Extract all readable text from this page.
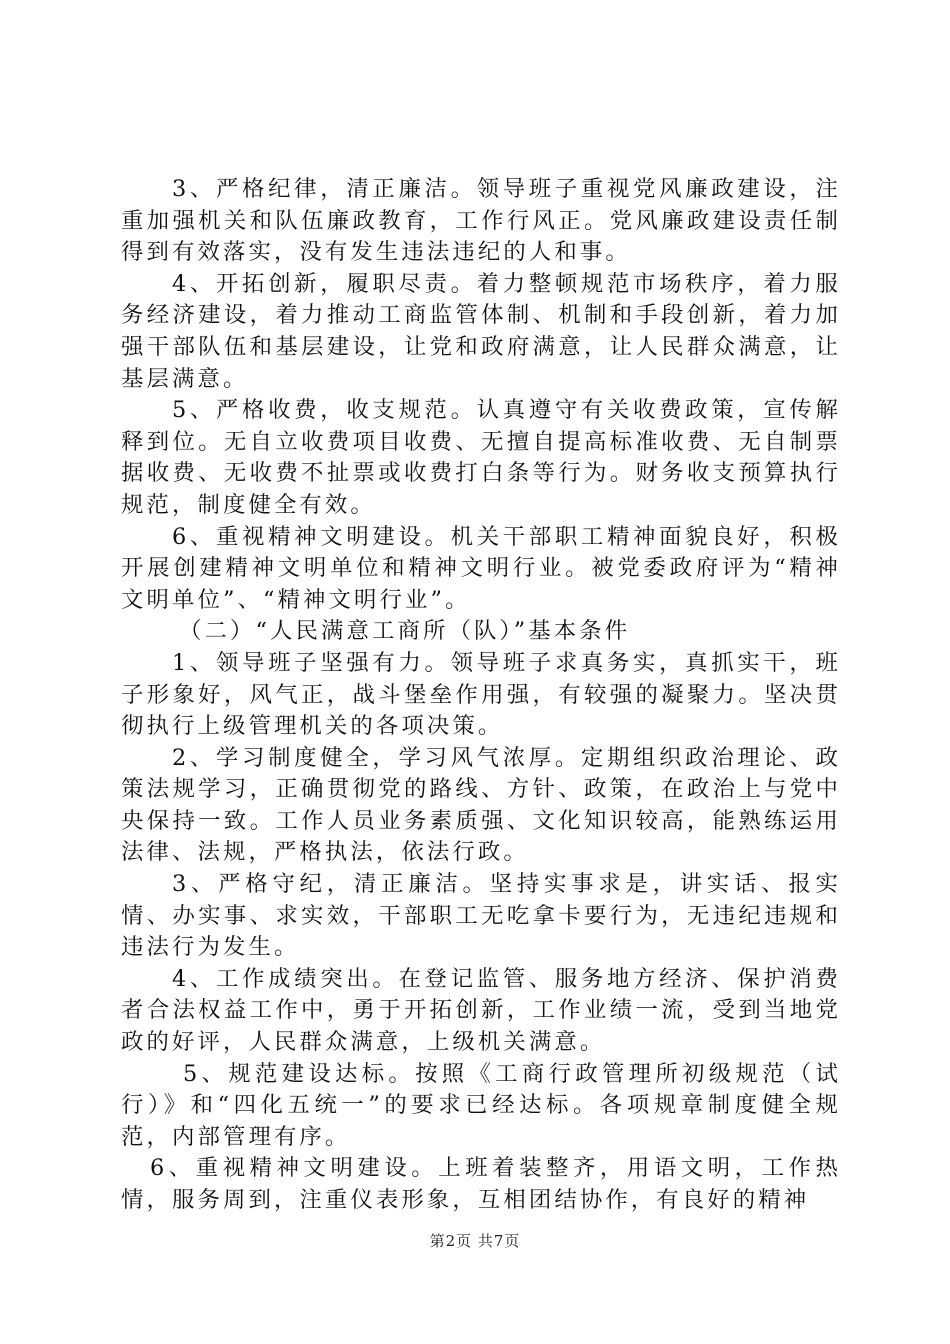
3、严格纪律，清正廉洁。领导班子重视党风廉政建设，注重加强机关和队伍廉政教育，工作行风正。党风廉政建设责任制得到有效落实，没有发生违法违纪的人和事。

4、开拓创新，履职尽责。着力整顿规范市场秩序，着力服务经济建设，着力推动工商监管体制、机制和手段创新，着力加强干部队伍和基层建设，让党和政府满意，让人民群众满意，让基层满意。

5、严格收费，收支规范。认真遵守有关收费政策，宣传解释到位。无自立收费项目收费、无擅自提高标准收费、无自制票据收费、无收费不扯票或收费打白条等行为。财务收支预算执行规范，制度健全有效。

6、重视精神文明建设。机关干部职工精神面貌良好，积极开展创建精神文明单位和精神文明行业。被党委政府评为“精神文明单位”、“精神文明行业”。

（二）“人民满意工商所（队）”基本条件

1、领导班子坚强有力。领导班子求真务实，真抓实干，班子形象好，风气正，战斗堡垒作用强，有较强的凝聚力。坚决贯彻执行上级管理机关的各项决策。

2、学习制度健全，学习风气浓厚。定期组织政治理论、政策法规学习，正确贯彻党的路线、方针、政策，在政治上与党中央保持一致。工作人员业务素质强、文化知识较高，能熟练运用法律、法规，严格执法，依法行政。

3、严格守纪，清正廉洁。坚持实事求是，讲实话、报实情、办实事、求实效，干部职工无吃拿卡要行为，无违纪违规和违法行为发生。

4、工作成绩突出。在登记监管、服务地方经济、保护消费者合法权益工作中，勇于开拓创新，工作业绩一流，受到当地党政的好评，人民群众满意，上级机关满意。

5、规范建设达标。按照《工商行政管理所初级规范（试行）》和“四化五统一”的要求已经达标。各项规章制度健全规范，内部管理有序。

6、重视精神文明建设。上班着装整齐，用语文明，工作热情，服务周到，注重仪表形象，互相团结协作，有良好的精神

第2页 共7页
